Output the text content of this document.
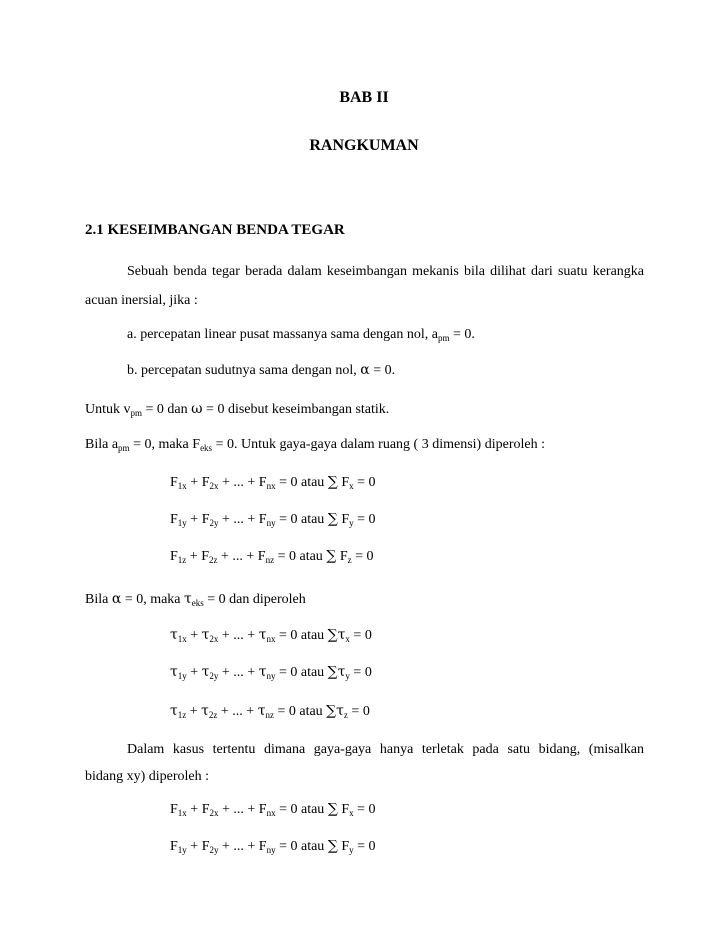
BAB II
RANGKUMAN
2.1 KESEIMBANGAN BENDA TEGAR
Sebuah benda tegar berada dalam keseimbangan mekanis bila dilihat dari suatu kerangka
acuan inersial, jika :
a. percepatan linear pusat massanya sama dengan nol, $a_{pm} = 0$.
b. percepatan sudutnya sama dengan nol, α = 0.
Untuk $v_{pm} = 0$ dan ω = 0 disebut keseimbangan statik.
Bila $a_{pm} = 0$, maka $F_{eks} = 0$. Untuk gaya-gaya dalam ruang ( 3 dimensi) diperoleh :
$F_{1x} + F_{2x}$ + ... + $F_{nx} = 0$ atau ∑ $F_x = 0$
$F_{1y} + F_{2y}$ + ... + $F_{ny} = 0$ atau ∑ $F_y = 0$
$F_{1z} + F_{2z}$ + ... + $F_{nz} = 0$ atau ∑ $F_z = 0$
Bila α = 0, maka $\tau_{eks} = 0$ dan diperoleh
$\tau_{1x} + \tau_{2x}$ + ... + $\tau_{nx} = 0$ atau $\sum\tau_x = 0$
$\tau_{1y} + \tau_{2y}$ + ... + $\tau_{ny} = 0$ atau $\sum\tau_y = 0$
$\tau_{1z} + \tau_{2z}$ + ... + $\tau_{nz} = 0$ atau $\sum\tau_z = 0$
Dalam kasus tertentu dimana gaya-gaya hanya terletak pada satu bidang, (misalkan
bidang xy) diperoleh :
$F_{1x} + F_{2x}$ + ... + $F_{nx} = 0$ atau ∑ $F_x = 0$
$F_{1y} + F_{2y}$ + ... + $F_{ny} = 0$ atau ∑ $F_y = 0$
